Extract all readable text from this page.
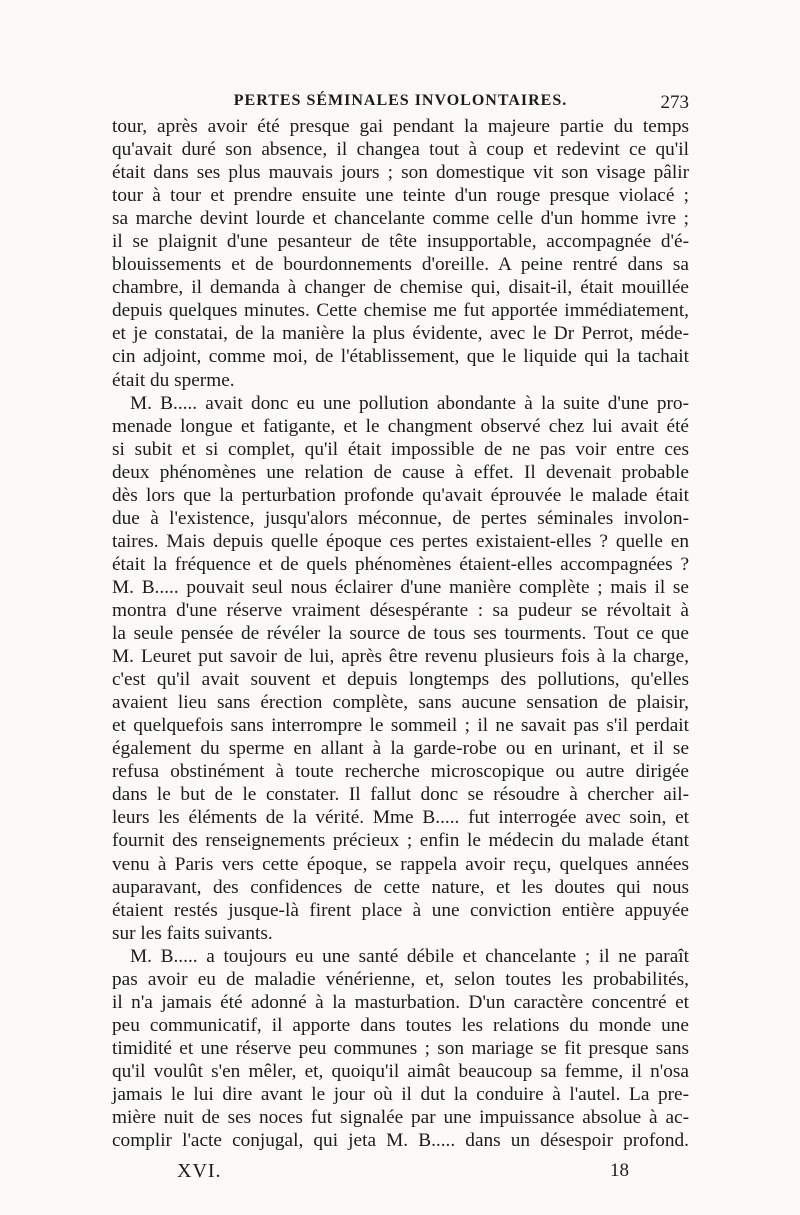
PERTES SÉMINALES INVOLONTAIRES.	273
tour, après avoir été presque gai pendant la majeure partie du temps
qu'avait duré son absence, il changea tout à coup et redevint ce qu'il
était dans ses plus mauvais jours ; son domestique vit son visage pâlir
tour à tour et prendre ensuite une teinte d'un rouge presque violacé ;
sa marche devint lourde et chancelante comme celle d'un homme ivre ;
il se plaignit d'une pesanteur de tête insupportable, accompagnée d'é-
blouissements et de bourdonnements d'oreille. A peine rentré dans sa
chambre, il demanda à changer de chemise qui, disait-il, était mouillée
depuis quelques minutes. Cette chemise me fut apportée immédiatement,
et je constatai, de la manière la plus évidente, avec le Dr Perrot, méde-
cin adjoint, comme moi, de l'établissement, que le liquide qui la tachait
était du sperme.
M. B..... avait donc eu une pollution abondante à la suite d'une pro-
menade longue et fatigante, et le changment observé chez lui avait été
si subit et si complet, qu'il était impossible de ne pas voir entre ces
deux phénomènes une relation de cause à effet. Il devenait probable
dès lors que la perturbation profonde qu'avait éprouvée le malade était
due à l'existence, jusqu'alors méconnue, de pertes séminales involon-
taires. Mais depuis quelle époque ces pertes existaient-elles ? quelle en
était la fréquence et de quels phénomènes étaient-elles accompagnées ?
M. B..... pouvait seul nous éclairer d'une manière complète ; mais il se
montra d'une réserve vraiment désespérante : sa pudeur se révoltait à
la seule pensée de révéler la source de tous ses tourments. Tout ce que
M. Leuret put savoir de lui, après être revenu plusieurs fois à la charge,
c'est qu'il avait souvent et depuis longtemps des pollutions, qu'elles
avaient lieu sans érection complète, sans aucune sensation de plaisir,
et quelquefois sans interrompre le sommeil ; il ne savait pas s'il perdait
également du sperme en allant à la garde-robe ou en urinant, et il se
refusa obstinément à toute recherche microscopique ou autre dirigée
dans le but de le constater. Il fallut donc se résoudre à chercher ail-
leurs les éléments de la vérité. Mme B..... fut interrogée avec soin, et
fournit des renseignements précieux ; enfin le médecin du malade étant
venu à Paris vers cette époque, se rappela avoir reçu, quelques années
auparavant, des confidences de cette nature, et les doutes qui nous
étaient restés jusque-là firent place à une conviction entière appuyée
sur les faits suivants.
M. B..... a toujours eu une santé débile et chancelante ; il ne paraît
pas avoir eu de maladie vénérienne, et, selon toutes les probabilités,
il n'a jamais été adonné à la masturbation. D'un caractère concentré et
peu communicatif, il apporte dans toutes les relations du monde une
timidité et une réserve peu communes ; son mariage se fit presque sans
qu'il voulût s'en mêler, et, quoiqu'il aimât beaucoup sa femme, il n'osa
jamais le lui dire avant le jour où il dut la conduire à l'autel. La pre-
mière nuit de ses noces fut signalée par une impuissance absolue à ac-
complir l'acte conjugal, qui jeta M. B..... dans un désespoir profond.
XVI.	18
